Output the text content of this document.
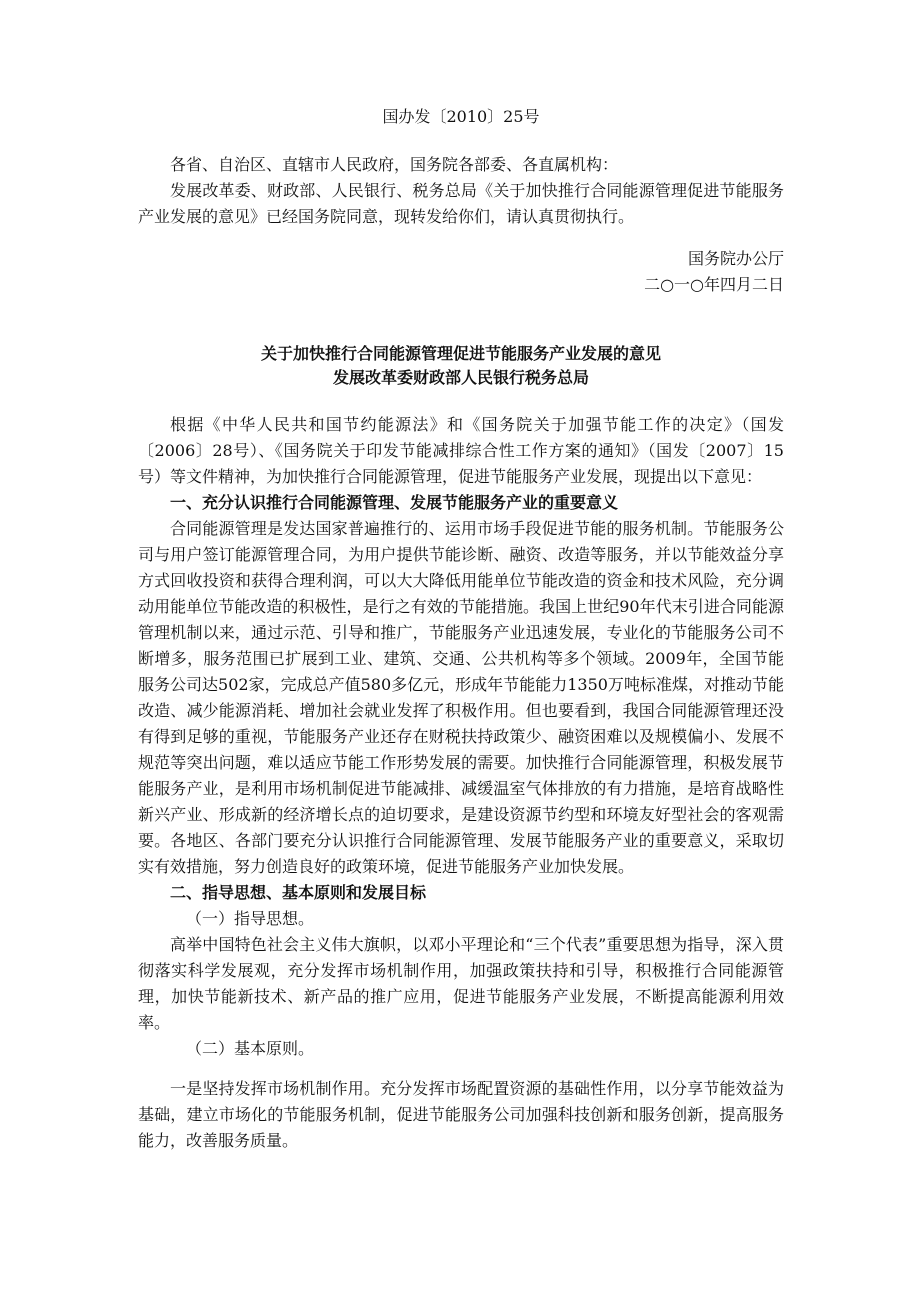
国办发〔2010〕25号

各省、自治区、直辖市人民政府，国务院各部委、各直属机构：

发展改革委、财政部、人民银行、税务总局《关于加快推行合同能源管理促进节能服务产业发展的意见》已经国务院同意，现转发给你们，请认真贯彻执行。

国务院办公厅
二○一○年四月二日
关于加快推行合同能源管理促进节能服务产业发展的意见
发展改革委财政部人民银行税务总局

根据《中华人民共和国节约能源法》和《国务院关于加强节能工作的决定》（国发〔2006〕28号）、《国务院关于印发节能减排综合性工作方案的通知》（国发〔2007〕15号）等文件精神，为加快推行合同能源管理，促进节能服务产业发展，现提出以下意见：

一、充分认识推行合同能源管理、发展节能服务产业的重要意义

合同能源管理是发达国家普遍推行的、运用市场手段促进节能的服务机制。节能服务公司与用户签订能源管理合同，为用户提供节能诊断、融资、改造等服务，并以节能效益分享方式回收投资和获得合理利润，可以大大降低用能单位节能改造的资金和技术风险，充分调动用能单位节能改造的积极性，是行之有效的节能措施。我国上世纪90年代末引进合同能源管理机制以来，通过示范、引导和推广，节能服务产业迅速发展，专业化的节能服务公司不断增多，服务范围已扩展到工业、建筑、交通、公共机构等多个领域。2009年，全国节能服务公司达502家，完成总产值580多亿元，形成年节能能力1350万吨标准煤，对推动节能改造、减少能源消耗、增加社会就业发挥了积极作用。但也要看到，我国合同能源管理还没有得到足够的重视，节能服务产业还存在财税扶持政策少、融资困难以及规模偏小、发展不规范等突出问题，难以适应节能工作形势发展的需要。加快推行合同能源管理，积极发展节能服务产业，是利用市场机制促进节能减排、减缓温室气体排放的有力措施，是培育战略性新兴产业、形成新的经济增长点的迫切要求，是建设资源节约型和环境友好型社会的客观需要。各地区、各部门要充分认识推行合同能源管理、发展节能服务产业的重要意义，采取切实有效措施，努力创造良好的政策环境，促进节能服务产业加快发展。

二、指导思想、基本原则和发展目标

（一）指导思想。

高举中国特色社会主义伟大旗帜，以邓小平理论和“三个代表”重要思想为指导，深入贯彻落实科学发展观，充分发挥市场机制作用，加强政策扶持和引导，积极推行合同能源管理，加快节能新技术、新产品的推广应用，促进节能服务产业发展，不断提高能源利用效率。

（二）基本原则。

一是坚持发挥市场机制作用。充分发挥市场配置资源的基础性作用，以分享节能效益为基础，建立市场化的节能服务机制，促进节能服务公司加强科技创新和服务创新，提高服务能力，改善服务质量。
